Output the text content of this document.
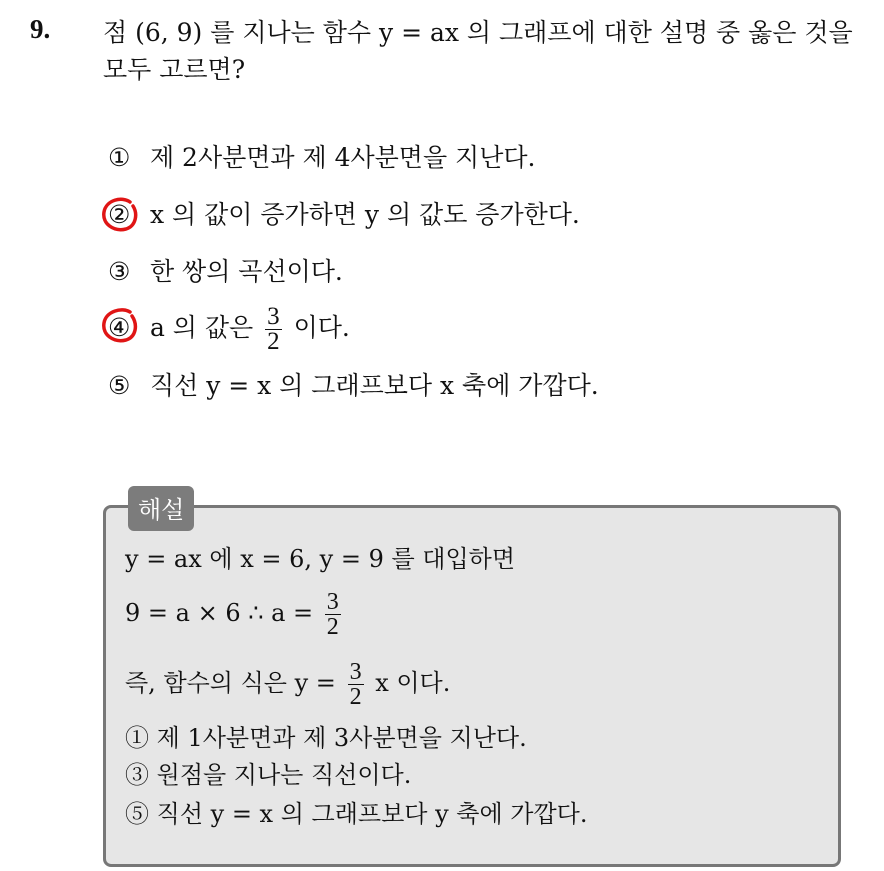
9. 점 (6, 9) 를 지나는 함수 y = ax 의 그래프에 대한 설명 중 옳은 것을
모두 고르면?
① 제 2사분면과 제 4사분면을 지난다.
② x 의 값이 증가하면 y 의 값도 증가한다.
③ 한 쌍의 곡선이다.
④ a 의 값은 $\frac{3}{2}$ 이다.
⑤ 직선 y = x 의 그래프보다 x 축에 가깝다.
해설
y = ax 에 x = 6, y = 9 를 대입하면
9 = a × 6 ∴ $a = \frac{3}{2}$
즉, 함수의 식은 $y = \frac{3}{2}$ x 이다.
① 제 1사분면과 제 3사분면을 지난다.
③ 원점을 지나는 직선이다.
⑤ 직선 y = x 의 그래프보다 y 축에 가깝다.
